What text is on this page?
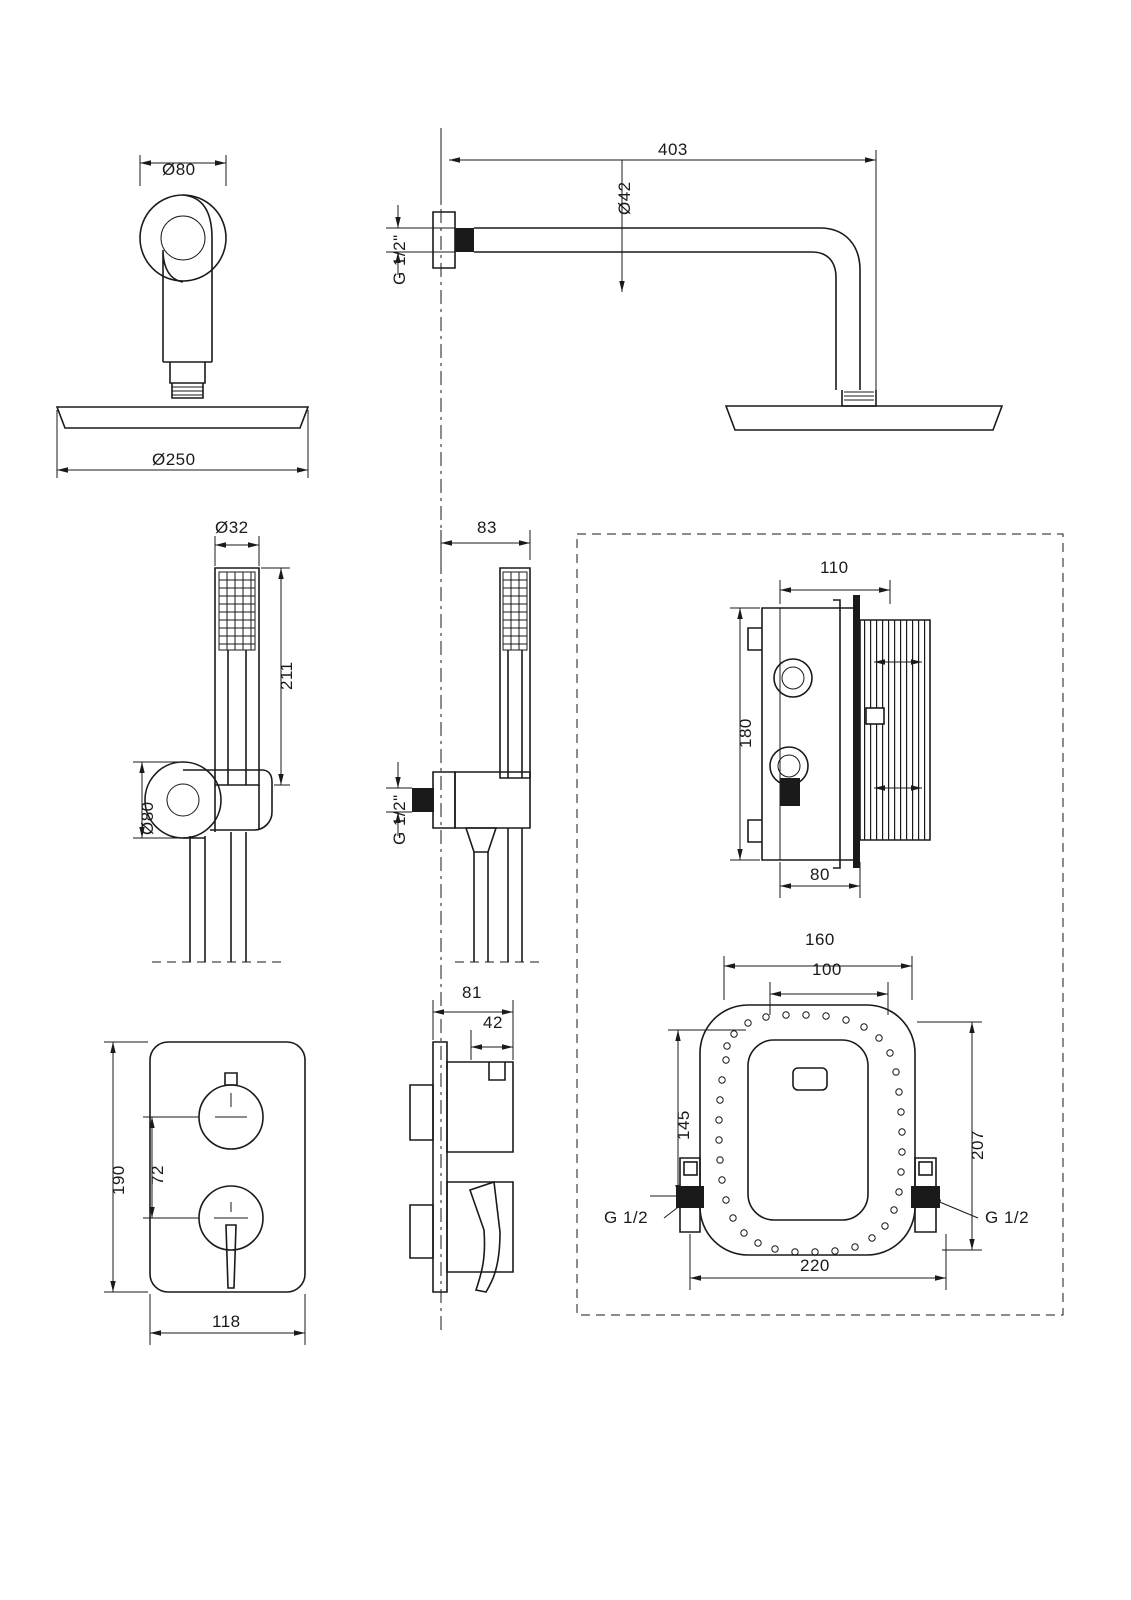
Ø80
Ø250
403
Ø42
G 1/2"
Ø32
211
Ø80
83
G 1/2"
190 72
118
81
42
110
180
80
160
100
145
207
220
G 1/2	G 1/2
